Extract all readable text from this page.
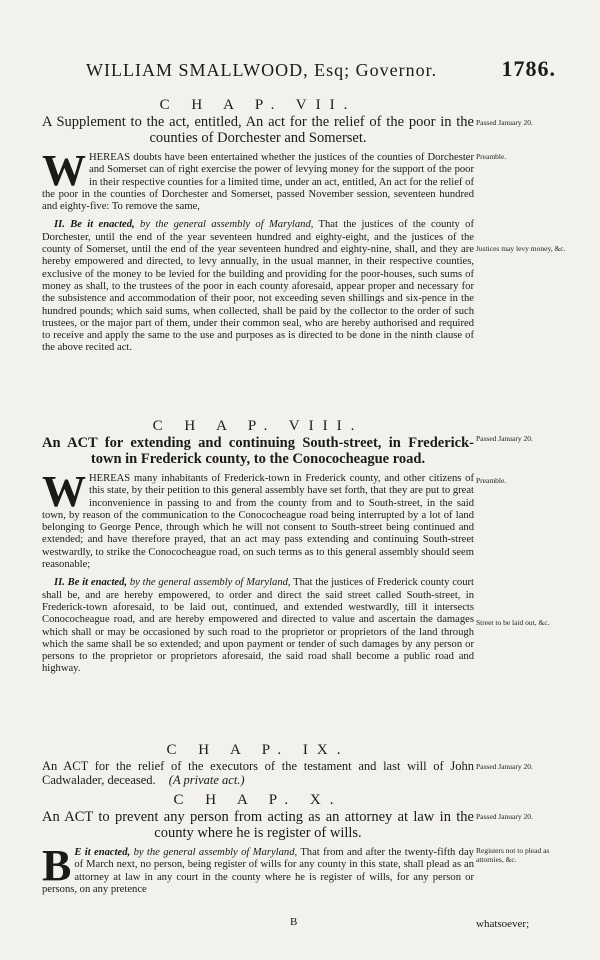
WILLIAM SMALLWOOD, Esq; Governor.	1786.

C H A P. VII.

A Supplement to the act, entitled, An act for the relief of the poor in the counties of Dorchester and Somerset.

WHEREAS doubts have been entertained whether the justices of the counties of Dorchester and Somerset can of right exercise the power of levying money for the support of the poor in their respective counties for a limited time, under an act, entitled, An act for the relief of the poor in the counties of Dorchester and Somerset, passed November session, seventeen hundred and eighty-five: To remove the same,

II. Be it enacted, by the general assembly of Maryland, That the justices of the county of Dorchester, until the end of the year seventeen hundred and eighty-eight, and the justices of the county of Somerset, until the end of the year seventeen hundred and eighty-nine, shall, and they are hereby empowered and directed, to levy annually, in the usual manner, in their respective counties, exclusive of the money to be levied for the building and providing for the poor-houses, such sums of money as shall, to the trustees of the poor in each county aforesaid, appear proper and necessary for the subsistence and accommodation of their poor, not exceeding seven shillings and six-pence in the hundred pounds; which said sums, when collected, shall be paid by the collector to the order of such trustees, or the major part of them, under their common seal, who are hereby authorised and required to receive and apply the same to the use and purposes as is directed to be done in the ninth clause of the above recited act.

Passed January 20.
Preamble.
Justices may levy money, &c.

C H A P. VIII.

An ACT for extending and continuing South-street, in Frederick-town in Frederick county, to the Conococheague road.

WHEREAS many inhabitants of Frederick-town in Frederick county, and other citizens of this state, by their petition to this general assembly have set forth, that they are put to great inconvenience in passing to and from the county from and to South-street, in the said town, by reason of the communication to the Conococheague road being interrupted by a lot of land belonging to George Pence, through which he will not consent to South-street being continued and extended; and have therefore prayed, that an act may pass extending and continuing South-street westwardly, to strike the Conococheague road, on such terms as to this general assembly should seem reasonable;

II. Be it enacted, by the general assembly of Maryland, That the justices of Frederick county court shall be, and are hereby empowered, to order and direct the said street called South-street, in Frederick-town aforesaid, to be laid out, continued, and extended westwardly, till it intersects Conococheague road, and are hereby empowered and directed to value and ascertain the damages which shall or may be occasioned by such road to the proprietor or proprietors of the land through which the same shall be so extended; and upon payment or tender of such damages by any person or persons to the proprietor or proprietors aforesaid, the said road shall become a public road and highway.

Passed January 20.
Preamble.
Street to be laid out, &c.

C H A P. IX.

An ACT for the relief of the executors of the testament and last will of John Cadwalader, deceased. (A private act.)

Passed January 20.

C H A P. X.

An ACT to prevent any person from acting as an attorney at law in the county where he is register of wills.

B E it enacted, by the general assembly of Maryland, That from and after the twenty-fifth day of March next, no person, being register of wills for any county in this state, shall plead as an attorney at law in any court in the county where he is register of wills, for any person or persons, on any pretence

Passed January 20.
Registers not to plead as attornies, &c.
B	whatsoever;
